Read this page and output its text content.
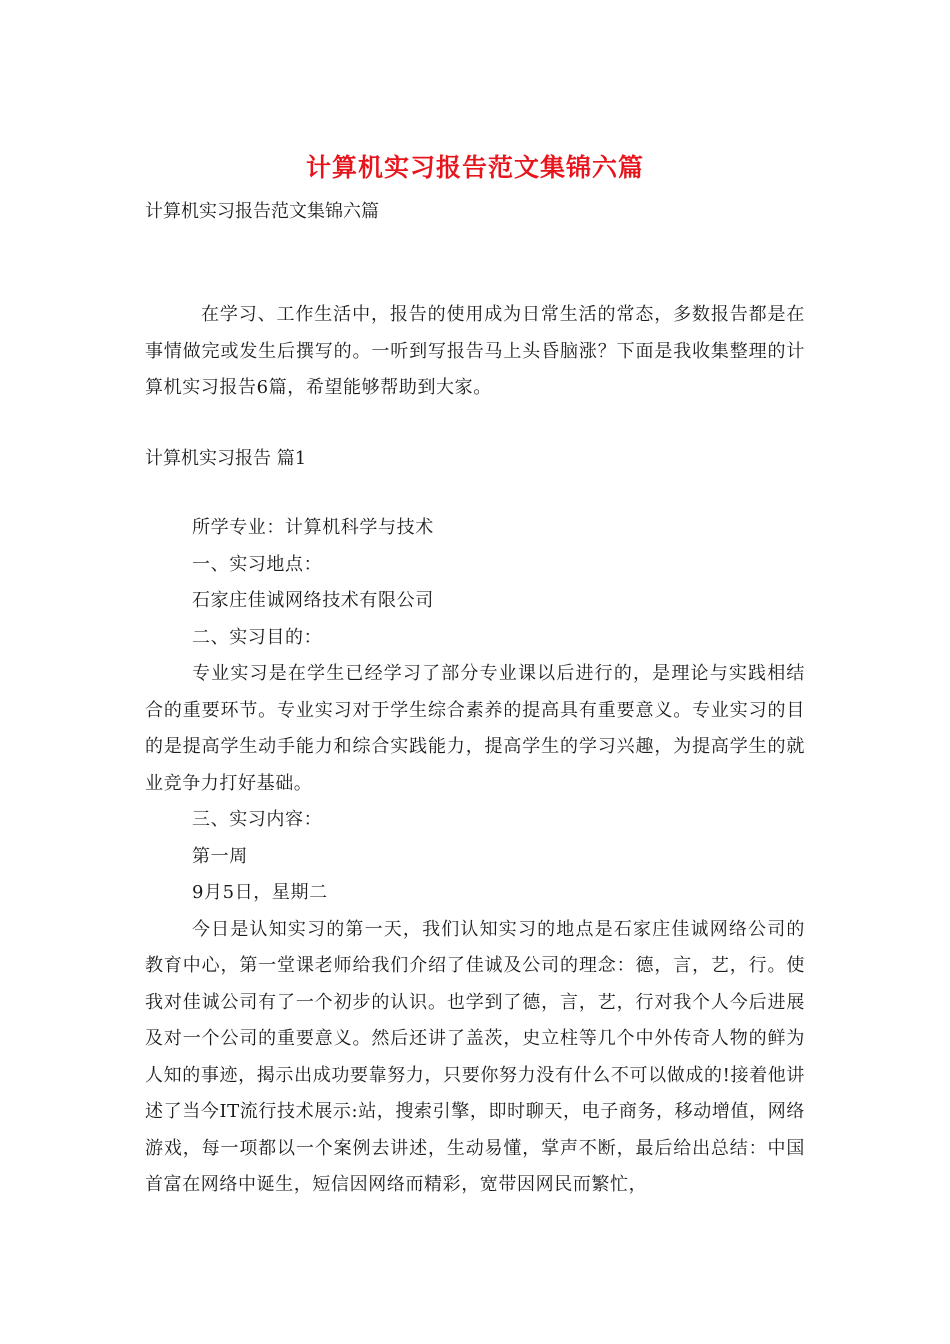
计算机实习报告范文集锦六篇
计算机实习报告范文集锦六篇
在学习、工作生活中，报告的使用成为日常生活的常态，多数报告都是在事情做完或发生后撰写的。一听到写报告马上头昏脑涨？下面是我收集整理的计算机实习报告6篇，希望能够帮助到大家。
计算机实习报告 篇1

所学专业：计算机科学与技术

一、实习地点：

石家庄佳诚网络技术有限公司

二、实习目的：

专业实习是在学生已经学习了部分专业课以后进行的，是理论与实践相结合的重要环节。专业实习对于学生综合素养的提高具有重要意义。专业实习的目的是提高学生动手能力和综合实践能力，提高学生的学习兴趣，为提高学生的就业竞争力打好基础。

三、实习内容：

第一周

9月5日，星期二

今日是认知实习的第一天，我们认知实习的地点是石家庄佳诚网络公司的教育中心，第一堂课老师给我们介绍了佳诚及公司的理念：德，言，艺，行。使我对佳诚公司有了一个初步的认识。也学到了德，言，艺，行对我个人今后进展及对一个公司的重要意义。然后还讲了盖茨，史立柱等几个中外传奇人物的鲜为人知的事迹，揭示出成功要靠努力，只要你努力没有什么不可以做成的!接着他讲述了当今IT流行技术展示:站，搜索引擎，即时聊天，电子商务，移动增值，网络游戏，每一项都以一个案例去讲述，生动易懂，掌声不断，最后给出总结：中国首富在网络中诞生，短信因网络而精彩，宽带因网民而繁忙，
